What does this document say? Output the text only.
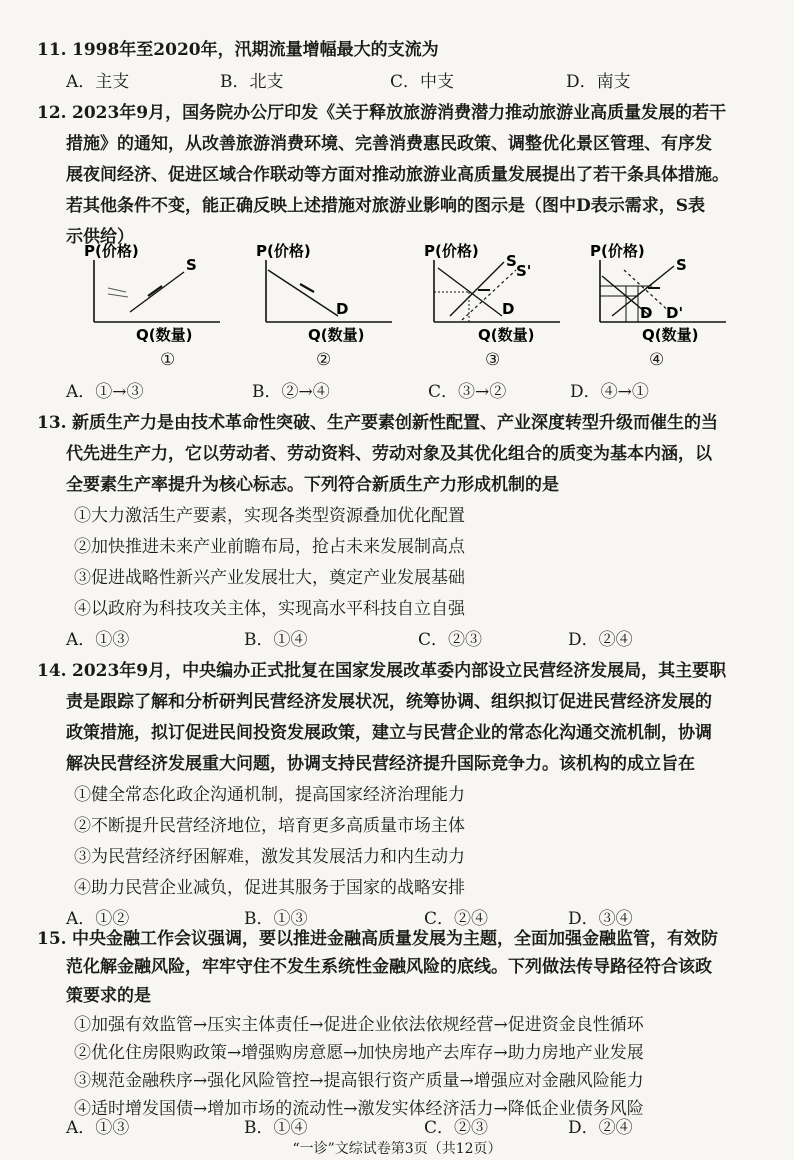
11. 1998年至2020年，汛期流量增幅最大的支流为
A．主支	B．北支	C．中支	D．南支
12. 2023年9月，国务院办公厅印发《关于释放旅游消费潜力推动旅游业高质量发展的若干
措施》的通知，从改善旅游消费环境、完善消费惠民政策、调整优化景区管理、有序发
展夜间经济、促进区域合作联动等方面对推动旅游业高质量发展提出了若干条具体措施。
若其他条件不变，能正确反映上述措施对旅游业影响的图示是（图中D表示需求，S表
示供给）
P(价格)
S
Q(数量)
①
P(价格)
D
Q(数量)
②
P(价格)
S
S'
D
Q(数量)
③
P(价格)
S
D D'
Q(数量)
④
A．①→③	B．②→④	C．③→②	D．④→①
13. 新质生产力是由技术革命性突破、生产要素创新性配置、产业深度转型升级而催生的当
代先进生产力，它以劳动者、劳动资料、劳动对象及其优化组合的质变为基本内涵，以
全要素生产率提升为核心标志。下列符合新质生产力形成机制的是
①大力激活生产要素，实现各类型资源叠加优化配置
②加快推进未来产业前瞻布局，抢占未来发展制高点
③促进战略性新兴产业发展壮大，奠定产业发展基础
④以政府为科技攻关主体，实现高水平科技自立自强
A．①③	B．①④	C．②③	D．②④
14. 2023年9月，中央编办正式批复在国家发展改革委内部设立民营经济发展局，其主要职
责是跟踪了解和分析研判民营经济发展状况，统筹协调、组织拟订促进民营经济发展的
政策措施，拟订促进民间投资发展政策，建立与民营企业的常态化沟通交流机制，协调
解决民营经济发展重大问题，协调支持民营经济提升国际竞争力。该机构的成立旨在
①健全常态化政企沟通机制，提高国家经济治理能力
②不断提升民营经济地位，培育更多高质量市场主体
③为民营经济纾困解难，激发其发展活力和内生动力
④助力民营企业减负，促进其服务于国家的战略安排
A．①②	B．①③	C．②④	D．③④
15. 中央金融工作会议强调，要以推进金融高质量发展为主题，全面加强金融监管，有效防
范化解金融风险，牢牢守住不发生系统性金融风险的底线。下列做法传导路径符合该政
策要求的是
①加强有效监管→压实主体责任→促进企业依法依规经营→促进资金良性循环
②优化住房限购政策→增强购房意愿→加快房地产去库存→助力房地产业发展
③规范金融秩序→强化风险管控→提高银行资产质量→增强应对金融风险能力
“一诊”文综试卷第3页（共12页）
④适时增发国债→增加市场的流动性→激发实体经济活力→降低企业债务风险
A．①③	B．①④	C．②③	D．②④
